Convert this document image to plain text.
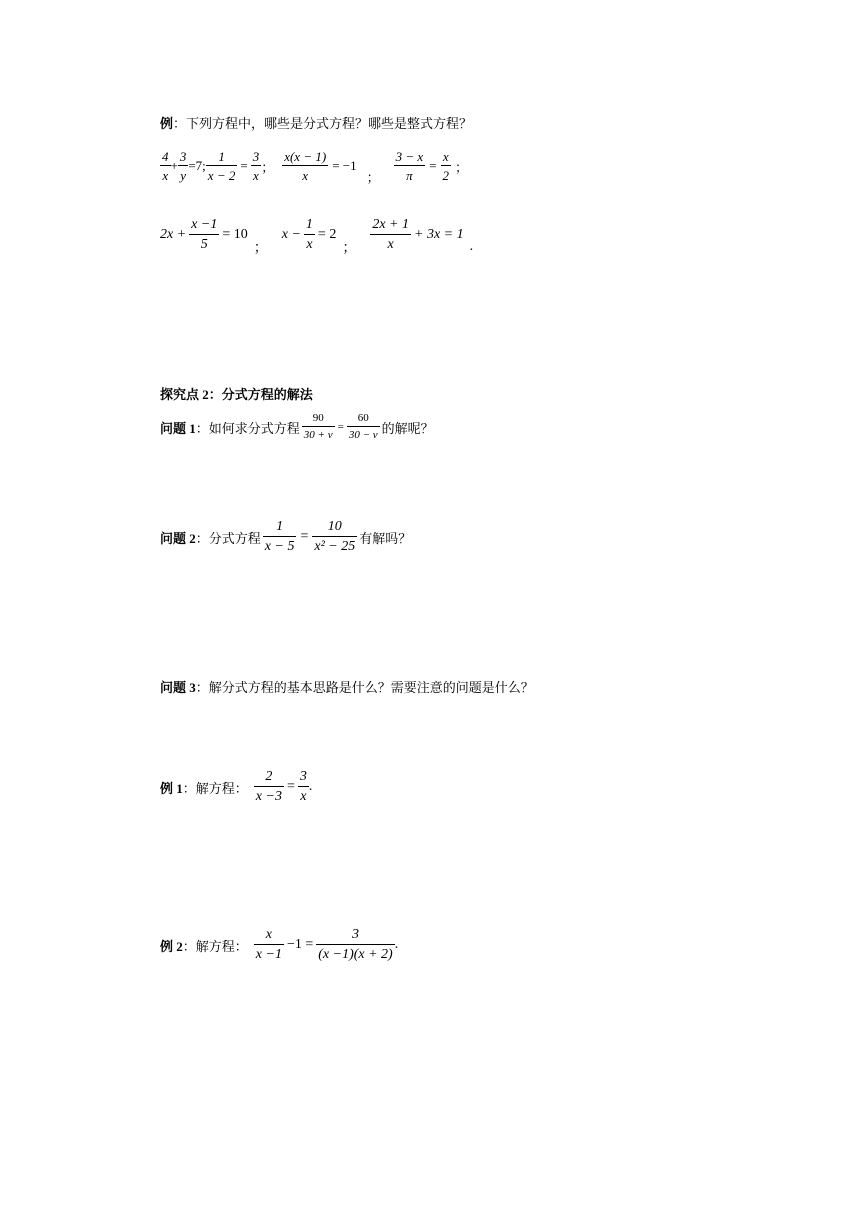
例：下列方程中，哪些是分式方程？哪些是整式方程？
$\frac{4}{x} + \frac{3}{y} =7$; $\frac{1}{x - 2} = \frac{3}{x}$ ； $\frac{x(x - 1)}{x} = -1$
； $\frac{3 - x}{\pi} = \frac{x}{2}$ ；
$2x + \frac{x -1}{5} = 10$
；
$x - \frac{1}{x} = 2$
； $\frac{2x + 1}{x} + 3x = 1$
.
探究点 2：分式方程的解法
问题 1 ：如何求分式方程 $\frac{90}{30 + v} = \frac{60}{30 - v}$ 的解呢？
问题 2 ：分式方程 $\frac{1}{x - 5} = \frac{10}{\text{x² − 25}}$ 有解吗？
问题 3：解分式方程的基本思路是什么？需要注意的问题是什么？
例 1 ：解方程： $\frac{2}{x -3} = \frac{3}{x}$ .
例 2 ：解方程： $\frac{x}{x -1} -1 = \frac{3}{(x -1)(x + 2)}$ .
